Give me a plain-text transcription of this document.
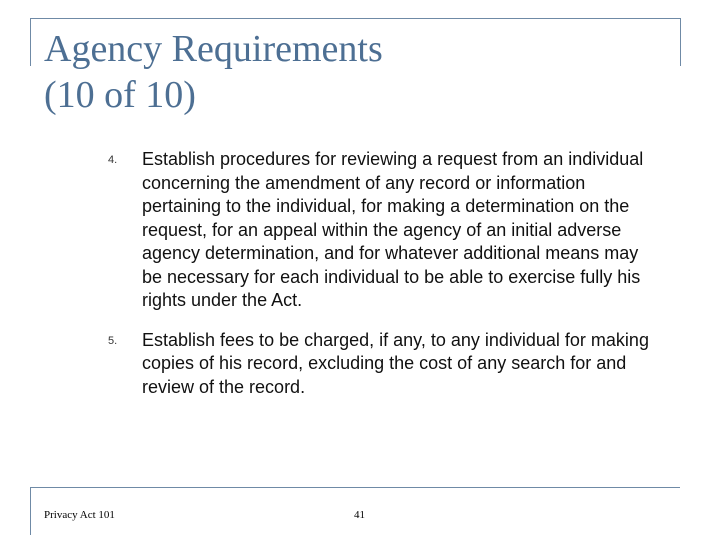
Agency Requirements
(10 of 10)
4.	Establish procedures for reviewing a request from an individual concerning the amendment of any record or information pertaining to the individual, for making a determination on the request, for an appeal within the agency of an initial adverse agency determination, and for whatever additional means may be necessary for each individual to be able to exercise fully his rights under the Act.
5.	Establish fees to be charged, if any, to any individual for making copies of his record, excluding the cost of any search for and review of the record.
Privacy Act 101	41
